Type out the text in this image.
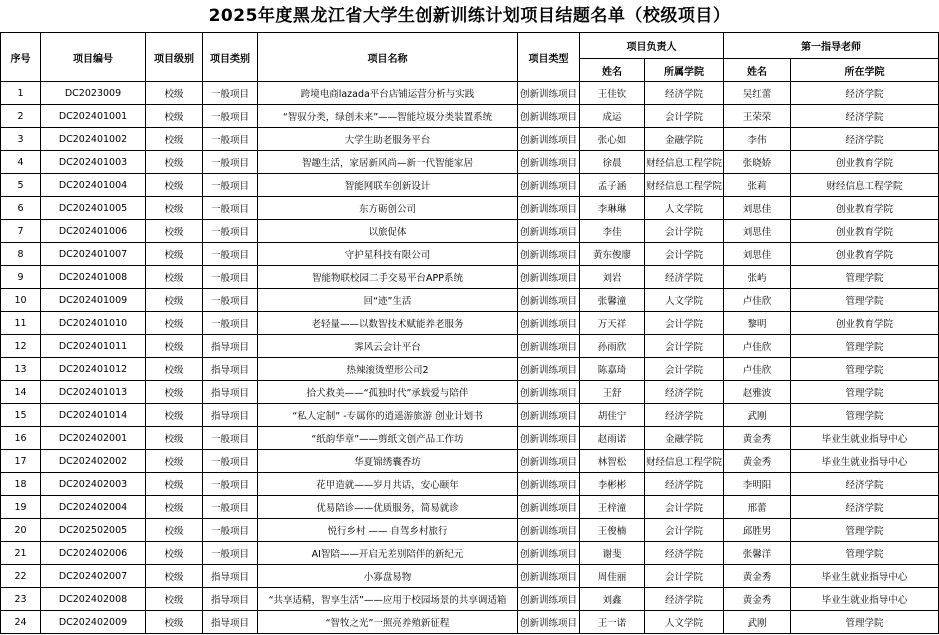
2025年度黑龙江省大学生创新训练计划项目结题名单（校级项目）
序号	项目编号	项目级别	项目类别	项目名称	项目类型	项目负责人		第一指导老师	
						姓名	所属学院	姓名	所在学院
1	DC2023009	校级	一般项目	跨境电商lazada平台店铺运营分析与实践	创新训练项目	王佳钦	经济学院	吴红蕾	经济学院
2	DC202401001	校级	一般项目	“智驭分类，绿创未来”——智能垃圾分类装置系统	创新训练项目	成运	会计学院	王荣荣	经济学院
3	DC202401002	校级	一般项目	大学生助老服务平台	创新训练项目	张心如	金融学院	李伟	经济学院
4	DC202401003	校级	一般项目	智趣生活，家居新风尚—新一代智能家居	创新训练项目	徐晨	财经信息工程学院	张晓娇	创业教育学院
5	DC202401004	校级	一般项目	智能网联车创新设计	创新训练项目	孟子涵	财经信息工程学院	张莉	财经信息工程学院
6	DC202401005	校级	一般项目	东方砺创公司	创新训练项目	李琳琳	人文学院	刘思佳	创业教育学院
7	DC202401006	校级	一般项目	以旅促体	创新训练项目	李佳	会计学院	刘思佳	创业教育学院
8	DC202401007	校级	一般项目	守护星科技有限公司	创新训练项目	黄东俊廖	会计学院	刘思佳	创业教育学院
9	DC202401008	校级	一般项目	智能物联校园二手交易平台APP系统	创新训练项目	刘岩	经济学院	张屿	管理学院
10	DC202401009	校级	一般项目	回“迹”生活	创新训练项目	张馨潼	人文学院	卢佳欣	管理学院
11	DC202401010	校级	一般项目	老轻量——以数智技术赋能养老服务	创新训练项目	万天祥	会计学院	黎明	创业教育学院
12	DC202401011	校级	指导项目	霁风云会计平台	创新训练项目	孙雨欣	会计学院	卢佳欣	管理学院
13	DC202401012	校级	指导项目	热辣滚烫塑形公司2	创新训练项目	陈嘉琦	会计学院	卢佳欣	管理学院
14	DC202401013	校级	指导项目	拾犬救美——“孤独时代”承载爱与陪伴	创新训练项目	王舒	经济学院	赵雅波	管理学院
15	DC202401014	校级	指导项目	“私人定制” -专属你的逍遥游旅游 创业计划书	创新训练项目	胡佳宁	经济学院	武刚	管理学院
16	DC202402001	校级	一般项目	“纸韵华章”——剪纸文创产品工作坊	创新训练项目	赵雨诺	金融学院	黄金秀	毕业生就业指导中心
17	DC202402002	校级	一般项目	华夏锦绣囊香坊	创新训练项目	林智松	财经信息工程学院	黄金秀	毕业生就业指导中心
18	DC202402003	校级	一般项目	花甲造就——岁月共话，安心颐年	创新训练项目	李彬彬	经济学院	李明阳	经济学院
19	DC202402004	校级	一般项目	优易陪诊——优质服务，简易就诊	创新训练项目	王梓潼	会计学院	邢蕾	经济学院
20	DC202502005	校级	一般项目	悦行乡村 —— 自驾乡村旅行	创新训练项目	王俊楠	会计学院	邱胜男	管理学院
21	DC202402006	校级	一般项目	AI智陪——开启无差别陪伴的新纪元	创新训练项目	谢斐	经济学院	张馨洋	管理学院
22	DC202402007	校级	指导项目	小寡盘易物	创新训练项目	周佳丽	会计学院	黄金秀	毕业生就业指导中心
23	DC202402008	校级	指导项目	“共享适精，智享生活”——应用于校园场景的共享调适箱	创新训练项目	刘鑫	经济学院	黄金秀	毕业生就业指导中心
24	DC202402009	校级	指导项目	“智牧之光”一照亮养殖新征程	创新训练项目	王一诺	人文学院	武刚	管理学院
